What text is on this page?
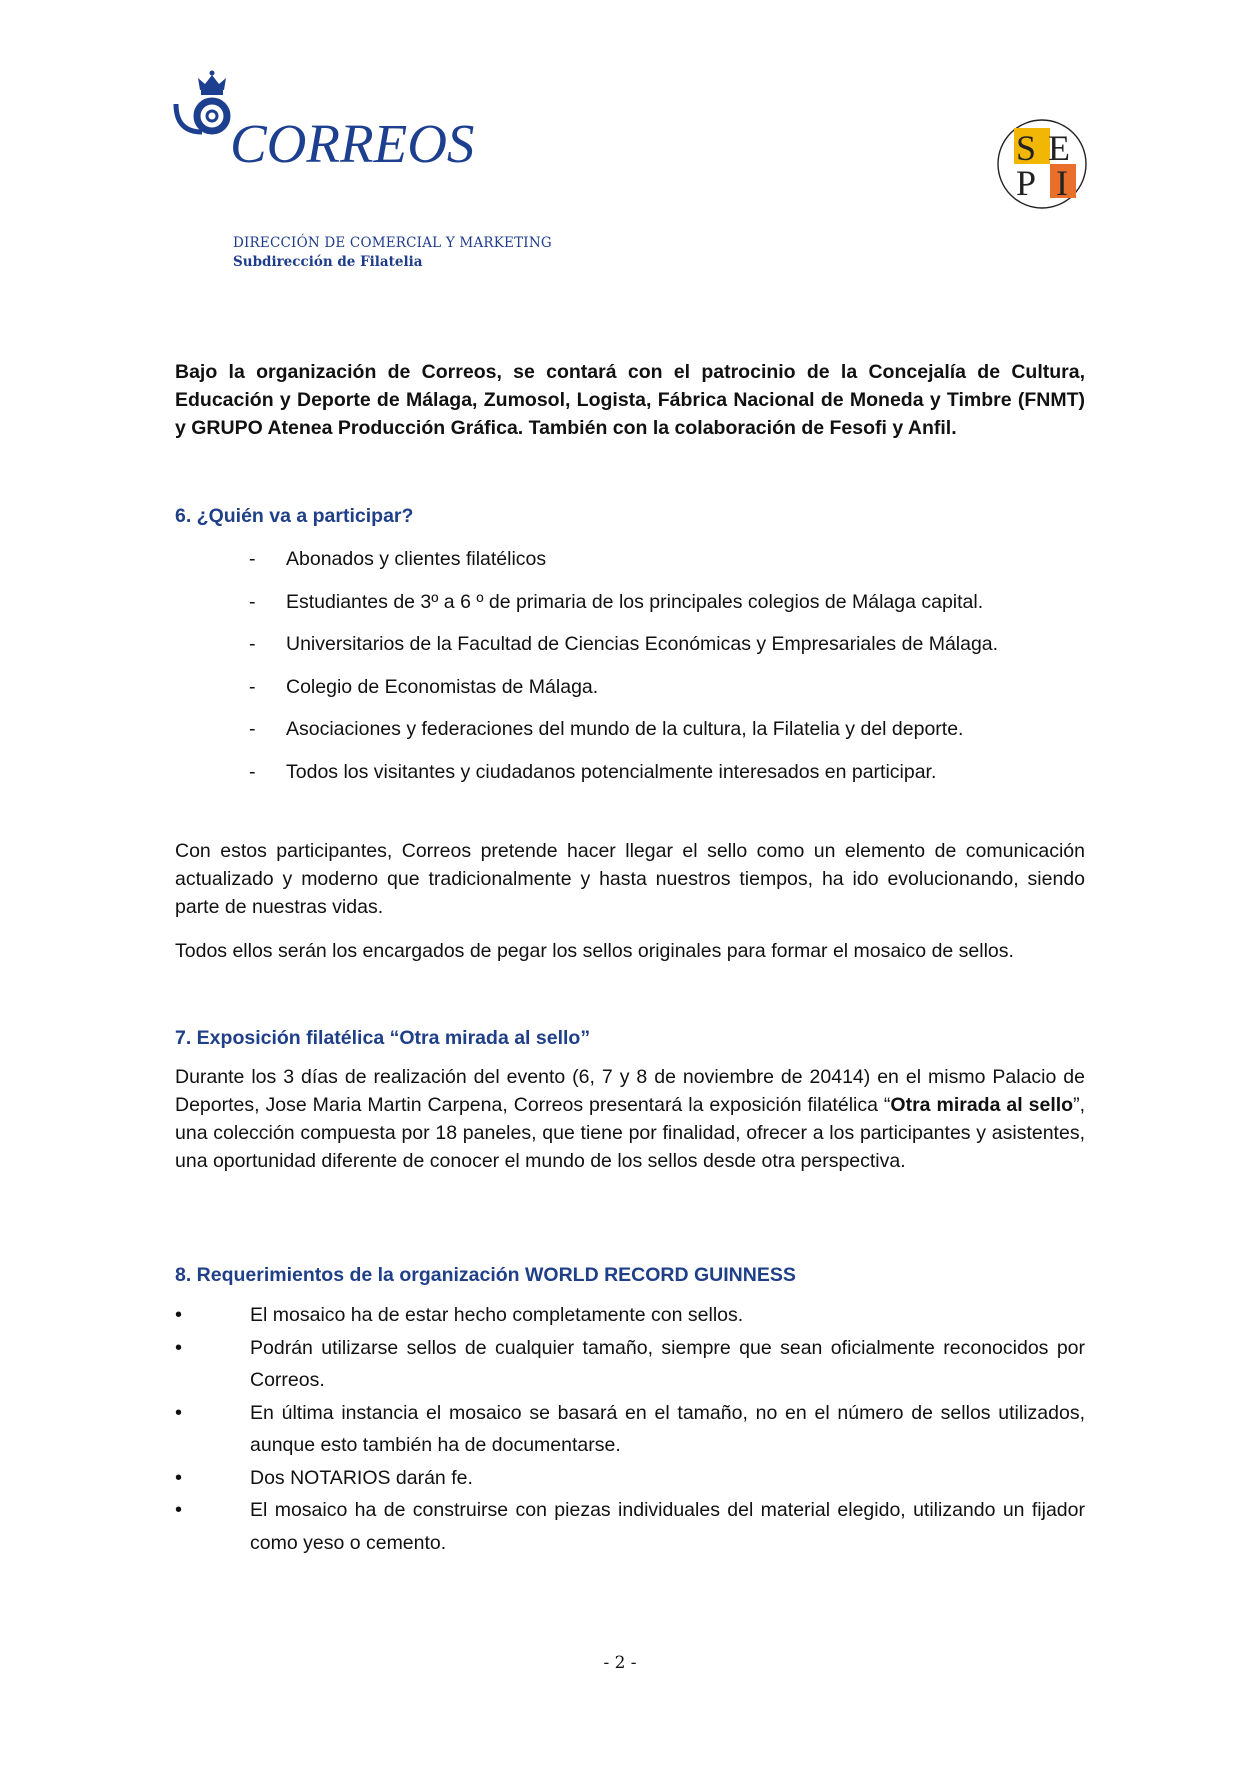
CORREOS	S E
P I
SEPI
DIRECCIÓN DE COMERCIAL Y MARKETING
Subdirección de Filatelia
Bajo la organización de Correos, se contará con el patrocinio de la Concejalía de Cultura, Educación y Deporte de Málaga, Zumosol, Logista, Fábrica Nacional de Moneda y Timbre (FNMT) y GRUPO Atenea Producción Gráfica. También con la colaboración de Fesofi y Anfil.
6. ¿Quién va a participar?
- Abonados y clientes filatélicos
- Estudiantes de 3º a 6 º de primaria de los principales colegios de Málaga capital.
- Universitarios de la Facultad de Ciencias Económicas y Empresariales de Málaga.
- Colegio de Economistas de Málaga.
- Asociaciones y federaciones del mundo de la cultura, la Filatelia y del deporte.
- Todos los visitantes y ciudadanos potencialmente interesados en participar.
Con estos participantes, Correos pretende hacer llegar el sello como un elemento de comunicación actualizado y moderno que tradicionalmente y hasta nuestros tiempos, ha ido evolucionando, siendo parte de nuestras vidas.
Todos ellos serán los encargados de pegar los sellos originales para formar el mosaico de sellos.
7. Exposición filatélica “Otra mirada al sello”
Durante los 3 días de realización del evento (6, 7 y 8 de noviembre de 20414) en el mismo Palacio de Deportes, Jose Maria Martin Carpena, Correos presentará la exposición filatélica “Otra mirada al sello”, una colección compuesta por 18 paneles, que tiene por finalidad, ofrecer a los participantes y asistentes, una oportunidad diferente de conocer el mundo de los sellos desde otra perspectiva.
8. Requerimientos de la organización WORLD RECORD GUINNESS
•	El mosaico ha de estar hecho completamente con sellos.
•	Podrán utilizarse sellos de cualquier tamaño, siempre que sean oficialmente reconocidos por Correos.
•	En última instancia el mosaico se basará en el tamaño, no en el número de sellos utilizados, aunque esto también ha de documentarse.
•	Dos NOTARIOS darán fe.
•	El mosaico ha de construirse con piezas individuales del material elegido, utilizando un fijador como yeso o cemento.
- 2 -
